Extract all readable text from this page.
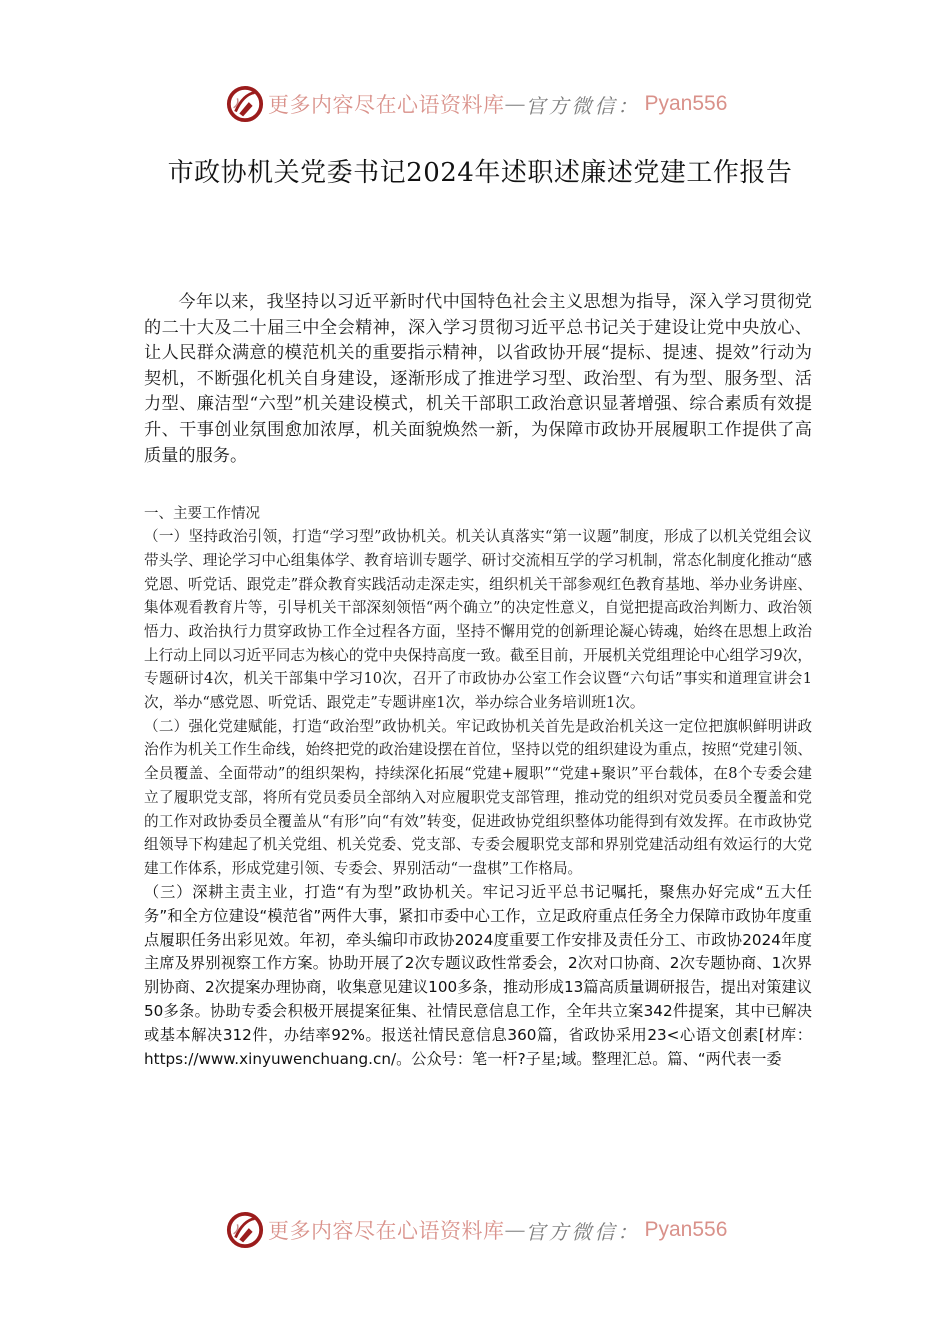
更多内容尽在心语资料库 — 官方微信： Pyan556
市政协机关党委书记2024年述职述廉述党建工作报告

今年以来，我坚持以习近平新时代中国特色社会主义思想为指导，深入学习贯彻党的二十大及二十届三中全会精神，深入学习贯彻习近平总书记关于建设让党中央放心、让人民群众满意的模范机关的重要指示精神，以省政协开展“提标、提速、提效”行动为契机，不断强化机关自身建设，逐渐形成了推进学习型、政治型、有为型、服务型、活力型、廉洁型“六型”机关建设模式，机关干部职工政治意识显著增强、综合素质有效提升、干事创业氛围愈加浓厚，机关面貌焕然一新，为保障市政协开展履职工作提供了高质量的服务。

一、主要工作情况

（一）坚持政治引领，打造“学习型”政协机关。机关认真落实“第一议题”制度，形成了以机关党组会议带头学、理论学习中心组集体学、教育培训专题学、研讨交流相互学的学习机制，常态化制度化推动“感党恩、听党话、跟党走”群众教育实践活动走深走实，组织机关干部参观红色教育基地、举办业务讲座、集体观看教育片等，引导机关干部深刻领悟“两个确立”的决定性意义，自觉把提高政治判断力、政治领悟力、政治执行力贯穿政协工作全过程各方面，坚持不懈用党的创新理论凝心铸魂，始终在思想上政治上行动上同以习近平同志为核心的党中央保持高度一致。截至目前，开展机关党组理论中心组学习9次，专题研讨4次，机关干部集中学习10次，召开了市政协办公室工作会议暨“六句话”事实和道理宣讲会1次，举办“感党恩、听党话、跟党走”专题讲座1次，举办综合业务培训班1次。

（二）强化党建赋能，打造“政治型”政协机关。牢记政协机关首先是政治机关这一定位把旗帜鲜明讲政治作为机关工作生命线，始终把党的政治建设摆在首位，坚持以党的组织建设为重点，按照“党建引领、全员覆盖、全面带动”的组织架构，持续深化拓展“党建+履职”“党建+聚识”平台载体，在8个专委会建立了履职党支部，将所有党员委员全部纳入对应履职党支部管理，推动党的组织对党员委员全覆盖和党的工作对政协委员全覆盖从“有形”向“有效”转变，促进政协党组织整体功能得到有效发挥。在市政协党组领导下构建起了机关党组、机关党委、党支部、专委会履职党支部和界别党建活动组有效运行的大党建工作体系，形成党建引领、专委会、界别活动“一盘棋”工作格局。

（三）深耕主责主业，打造“有为型”政协机关。牢记习近平总书记嘱托，聚焦办好完成“五大任务”和全方位建设“模范省”两件大事，紧扣市委中心工作，立足政府重点任务全力保障市政协年度重点履职任务出彩见效。年初，牵头编印市政协2024度重要工作安排及责任分工、市政协2024年度主席及界别视察工作方案。协助开展了2次专题议政性常委会，2次对口协商、2次专题协商、1次界别协商、2次提案办理协商，收集意见建议100多条，推动形成13篇高质量调研报告，提出对策建议50多条。协助专委会积极开展提案征集、社情民意信息工作，全年共立案342件提案，其中已解决或基本解决312件，办结率92%。报送社情民意信息360篇，省政协采用23<心语文创素[材库：https://www.xinyuwenchuang.cn/。公众号：笔一杆?子星;域。整理汇总。篇、“两代表一委

更多内容尽在心语资料库 — 官方微信： Pyan556
